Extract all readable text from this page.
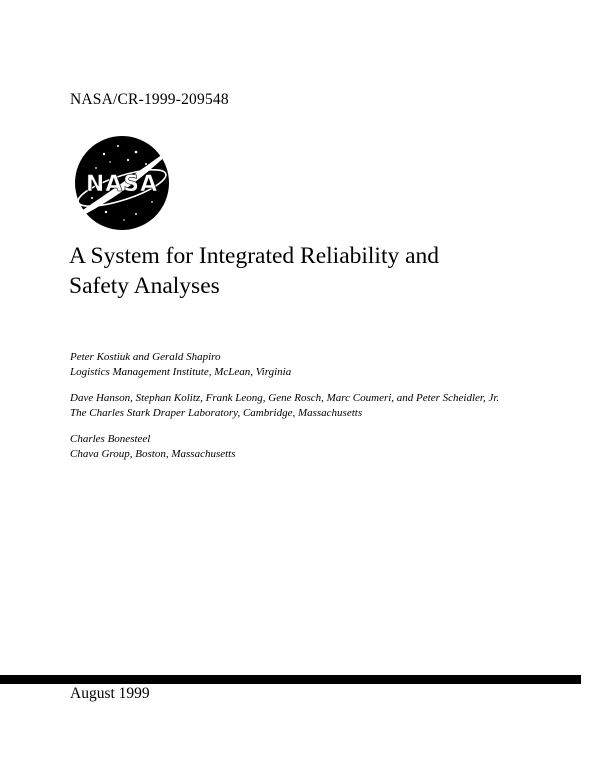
NASA/CR-1999-209548
NASA
A System for Integrated Reliability and
Safety Analyses
Peter Kostiuk and Gerald Shapiro
Logistics Management Institute, McLean, Virginia
Dave Hanson, Stephan Kolitz, Frank Leong, Gene Rosch, Marc Coumeri, and Peter Scheidler, Jr.
The Charles Stark Draper Laboratory, Cambridge, Massachusetts
Charles Bonesteel
Chava Group, Boston, Massachusetts
August 1999
